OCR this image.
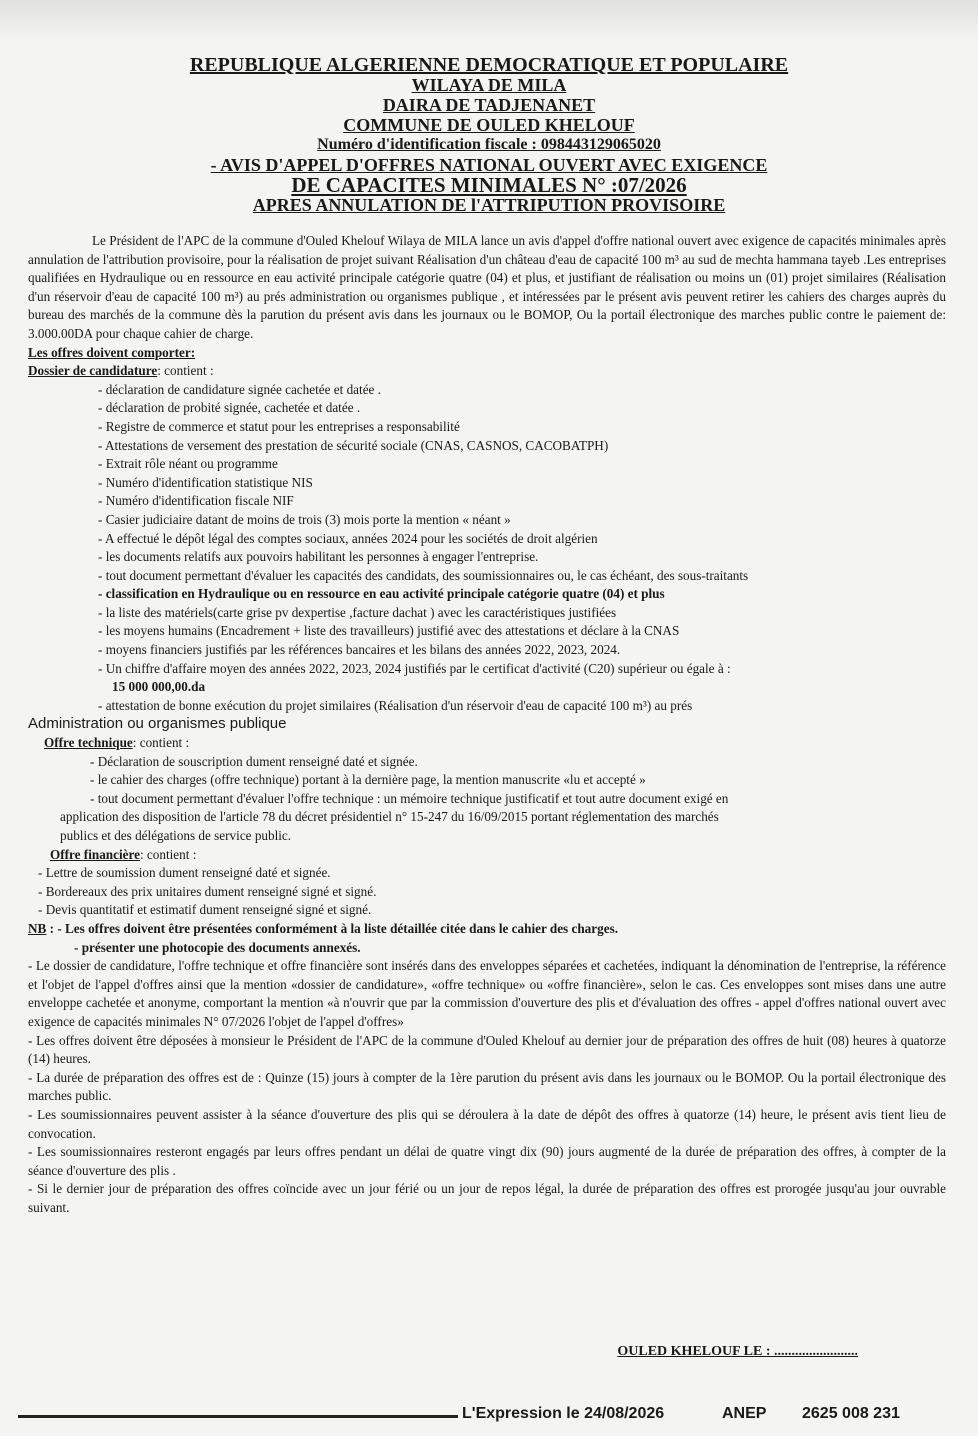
REPUBLIQUE ALGERIENNE DEMOCRATIQUE ET POPULAIRE

WILAYA DE MILA

DAIRA DE TADJENANET

COMMUNE DE OULED KHELOUF

Numéro d'identification fiscale : 098443129065020

- AVIS D'APPEL D'OFFRES NATIONAL OUVERT AVEC EXIGENCE

DE CAPACITES MINIMALES N° :07/2026

APRES ANNULATION DE l'ATTRIPUTION PROVISOIRE

Le Président de l'APC de la commune d'Ouled Khelouf Wilaya de MILA lance un avis d'appel d'offre national ouvert avec exigence de capacités minimales après annulation de l'attribution provisoire, pour la réalisation de projet suivant Réalisation d'un château d'eau de capacité 100 m³ au sud de mechta hammana tayeb .Les entreprises qualifiées en Hydraulique ou en ressource en eau activité principale catégorie quatre (04) et plus, et justifiant de réalisation ou moins un (01) projet similaires (Réalisation d'un réservoir d'eau de capacité 100 m³) au prés administration ou organismes publique , et intéressées par le présent avis peuvent retirer les cahiers des charges auprès du bureau des marchés de la commune dès la parution du présent avis dans les journaux ou le BOMOP, Ou la portail électronique des marches public contre le paiement de: 3.000.00DA pour chaque cahier de charge.

Les offres doivent comporter:

Dossier de candidature: contient :

- déclaration de candidature signée cachetée et datée .
- déclaration de probité signée, cachetée et datée .
- Registre de commerce et statut pour les entreprises a responsabilité
- Attestations de versement des prestation de sécurité sociale (CNAS, CASNOS, CACOBATPH)
- Extrait rôle néant ou programme
- Numéro d'identification statistique NIS
- Numéro d'identification fiscale NIF
- Casier judiciaire datant de moins de trois (3) mois porte la mention « néant »
- A effectué le dépôt légal des comptes sociaux, années 2024 pour les sociétés de droit algérien
- les documents relatifs aux pouvoirs habilitant les personnes à engager l'entreprise.
- tout document permettant d'évaluer les capacités des candidats, des soumissionnaires ou, le cas échéant, des sous-traitants
- classification en Hydraulique ou en ressource en eau activité principale catégorie quatre (04) et plus
- la liste des matériels(carte grise pv dexpertise ,facture dachat ) avec les caractéristiques justifiées
- les moyens humains (Encadrement + liste des travailleurs) justifié avec des attestations et déclare à la CNAS
- moyens financiers justifiés par les références bancaires et les bilans des années 2022, 2023, 2024.
- Un chiffre d'affaire moyen des années 2022, 2023, 2024 justifiés par le certificat d'activité (C20) supérieur ou égale à :
15 000 000,00.da
- attestation de bonne exécution du projet similaires (Réalisation d'un réservoir d'eau de capacité 100 m³) au prés
Administration ou organismes publique

Offre technique: contient :

- Déclaration de souscription dument renseigné daté et signée.
- le cahier des charges (offre technique) portant à la dernière page, la mention manuscrite «lu et accepté »
- tout document permettant d'évaluer l'offre technique : un mémoire technique justificatif et tout autre document exigé en
application des disposition de l'article 78 du décret présidentiel n° 15-247 du 16/09/2015 portant réglementation des marchés
publics et des délégations de service public.

Offre financière: contient :

- Lettre de soumission dument renseigné daté et signée.
- Bordereaux des prix unitaires dument renseigné signé et signé.
- Devis quantitatif et estimatif dument renseigné signé et signé.

NB : - Les offres doivent être présentées conformément à la liste détaillée citée dans le cahier des charges.

- présenter une photocopie des documents annexés.

- Le dossier de candidature, l'offre technique et offre financière sont insérés dans des enveloppes séparées et cachetées, indiquant la dénomination de l'entreprise, la référence et l'objet de l'appel d'offres ainsi que la mention «dossier de candidature», «offre technique» ou «offre financière», selon le cas. Ces enveloppes sont mises dans une autre enveloppe cachetée et anonyme, comportant la mention «à n'ouvrir que par la commission d'ouverture des plis et d'évaluation des offres - appel d'offres national ouvert avec exigence de capacités minimales N° 07/2026 l'objet de l'appel d'offres»

- Les offres doivent être déposées à monsieur le Président de l'APC de la commune d'Ouled Khelouf au dernier jour de préparation des offres de huit (08) heures à quatorze (14) heures.

- La durée de préparation des offres est de : Quinze (15) jours à compter de la 1ère parution du présent avis dans les journaux ou le BOMOP. Ou la portail électronique des marches public.

- Les soumissionnaires peuvent assister à la séance d'ouverture des plis qui se déroulera à la date de dépôt des offres à quatorze (14) heure, le présent avis tient lieu de convocation.

- Les soumissionnaires resteront engagés par leurs offres pendant un délai de quatre vingt dix (90) jours augmenté de la durée de préparation des offres, à compter de la séance d'ouverture des plis .

- Si le dernier jour de préparation des offres coïncide avec un jour férié ou un jour de repos légal, la durée de préparation des offres est prorogée jusqu'au jour ouvrable suivant.

OULED KHELOUF LE : ........................
L'Expression le 24/08/2026	ANEP 2625 008 231
